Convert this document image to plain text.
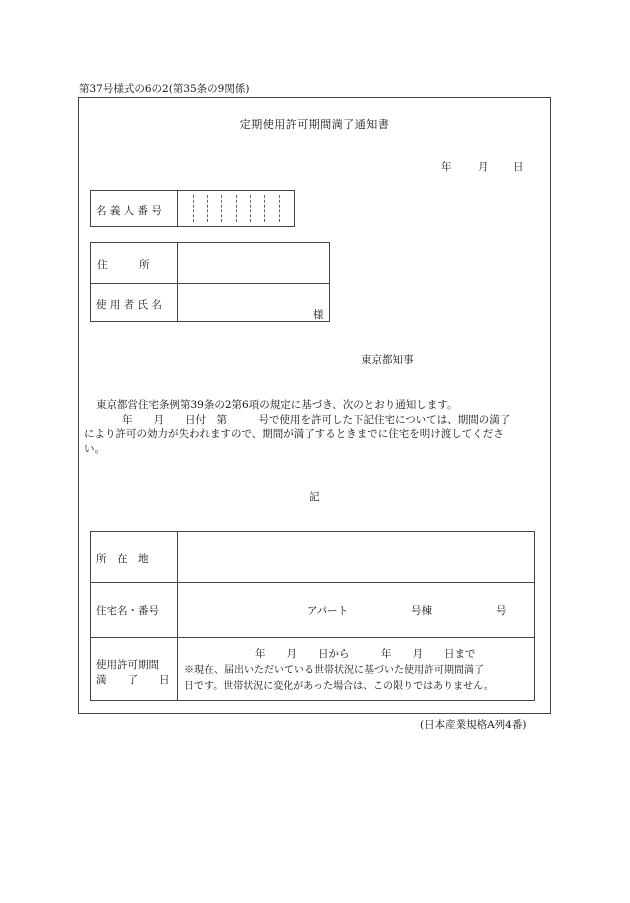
第37号様式の6の2(第35条の9関係)
定期使用許可期間満了通知書
年	月 日
名 義 人 番 号
住　　　所
使 用 者 氏 名
様
東京都知事
東京都営住宅条例第39条の2第6項の規定に基づき、次のとおり通知します。
年　　月　　日付　第　　　号で使用を許可した下記住宅については、期間の満了
により許可の効力が失われますので、期間が満了するときまでに住宅を明け渡してくださ
い。
記
所　在　地
住宅名・番号	アパート	号棟	号
使用許可期間
満　　了　　日
年　　月　　日から　　　年　　月　　日まで
※現在、届出いただいている世帯状況に基づいた使用許可期間満了
日です。世帯状況に変化があった場合は、この限りではありません。
(日本産業規格A列4番)
